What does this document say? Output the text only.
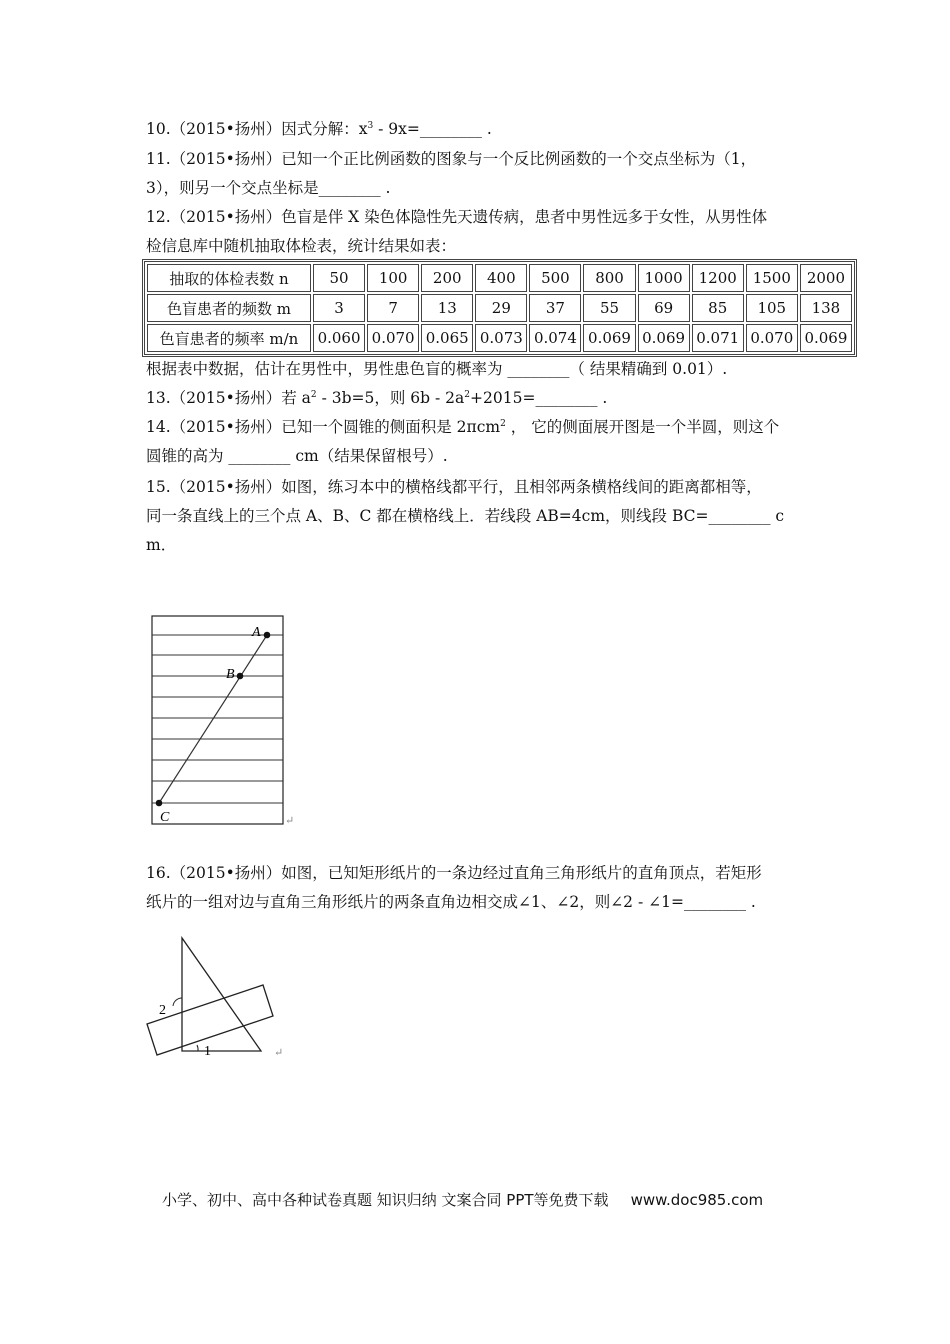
10.（2015•扬州）因式分解：$x^3$ - 9x=________ .
11.（2015•扬州）已知一个正比例函数的图象与一个反比例函数的一个交点坐标为（1，
3），则另一个交点坐标是________ .
12.（2015•扬州）色盲是伴 X 染色体隐性先天遗传病，患者中男性远多于女性，从男性体
检信息库中随机抽取体检表，统计结果如表：
抽取的体检表数 n	50	100	200	400	500	800	1000	1200	1500	2000
色盲患者的频数 m	3	7	13	29	37	55	69	85	105	138
色盲患者的频率 m/n	0.060	0.070	0.065	0.073	0.074	0.069	0.069	0.071	0.070	0.069
根据表中数据，估计在男性中，男性患色盲的概率为 ________（ 结果精确到 0.01）.
13.（2015•扬州）若 $a^2 - 3b=5$，则 $6b - 2a^2+2015=\_\_\_\_\_\_\_\_$ .
14.（2015•扬州）已知一个圆锥的侧面积是 2πcm$^2$ ， 它的侧面展开图是一个半圆，则这个
圆锥的高为 ________ cm（结果保留根号）.
15.（2015•扬州）如图，练习本中的横格线都平行，且相邻两条横格线间的距离都相等，
同一条直线上的三个点 A、B、C 都在横格线上．若线段 AB=4cm，则线段 BC=________ c
m．
A
B
C	↵
16.（2015•扬州）如图，已知矩形纸片的一条边经过直角三角形纸片的直角顶点，若矩形
纸片的一组对边与直角三角形纸片的两条直角边相交成∠1、∠2，则∠2 - ∠1=________ .
2
1	↵
小学、初中、高中各种试卷真题 知识归纳 文案合同 PPT等免费下载 www.doc985.com
